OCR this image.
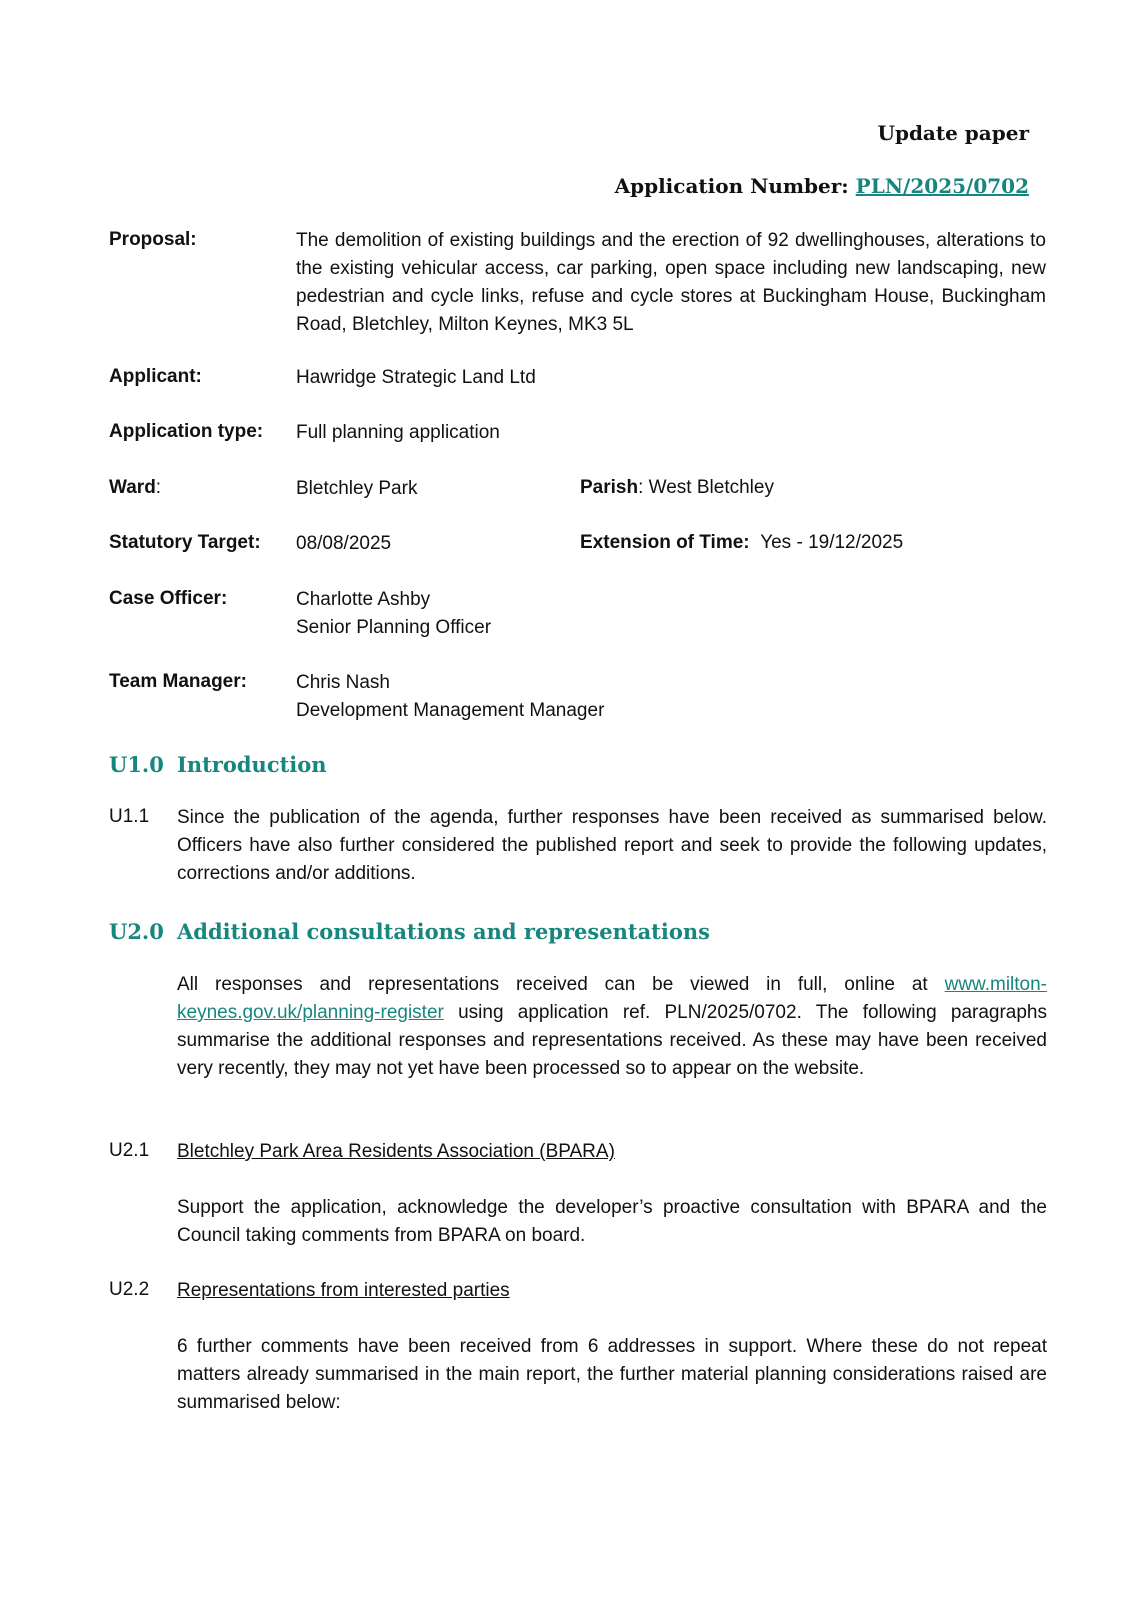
Update paper
Application Number: PLN/2025/0702
Proposal:	The demolition of existing buildings and the erection of 92 dwellinghouses, alterations to the existing vehicular access, car parking, open space including new landscaping, new pedestrian and cycle links, refuse and cycle stores at Buckingham House, Buckingham Road, Bletchley, Milton Keynes, MK3 5L
Applicant:	Hawridge Strategic Land Ltd
Application type: Full planning application
Ward:	Bletchley Park	Parish: West Bletchley
Statutory Target: 08/08/2025	Extension of Time: Yes - 19/12/2025
Case Officer:	Charlotte Ashby
Senior Planning Officer
Team Manager:	Chris Nash
Development Management Manager
U1.0 Introduction
U1.1 Since the publication of the agenda, further responses have been received as summarised below. Officers have also further considered the published report and seek to provide the following updates, corrections and/or additions.
U2.0 Additional consultations and representations
All responses and representations received can be viewed in full, online at www.milton-keynes.gov.uk/planning-register using application ref. PLN/2025/0702. The following paragraphs summarise the additional responses and representations received. As these may have been received very recently, they may not yet have been processed so to appear on the website.
U2.1 Bletchley Park Area Residents Association (BPARA)
Support the application, acknowledge the developer’s proactive consultation with BPARA and the Council taking comments from BPARA on board.
U2.2 Representations from interested parties
6 further comments have been received from 6 addresses in support. Where these do not repeat matters already summarised in the main report, the further material planning considerations raised are summarised below:
